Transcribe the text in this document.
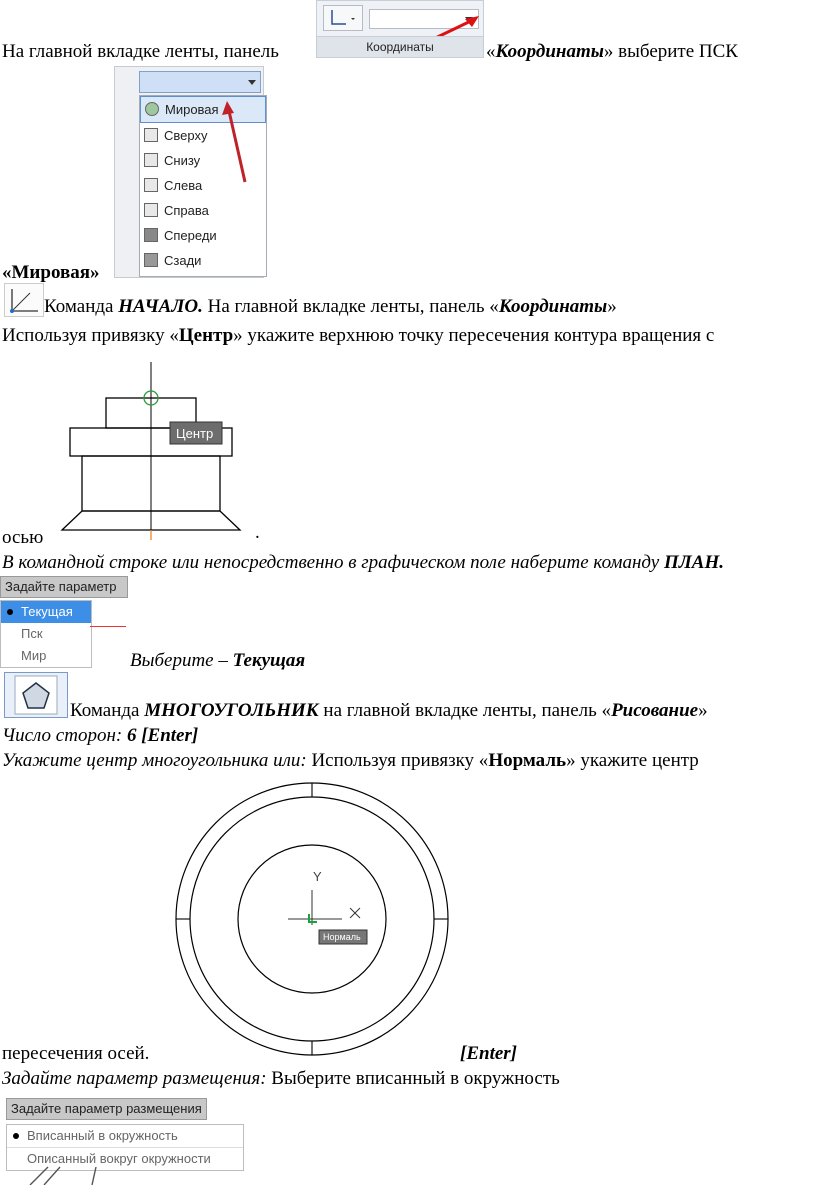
На главной вкладке ленты, панель	«Координаты» выберите ПСК
Координаты
Мировая
Сверху
Снизу
Слева
Справа
Спереди
Сзади
«Мировая»
Команда НАЧАЛО. На главной вкладке ленты, панель «Координаты»
Используя привязку «Центр» укажите верхнюю точку пересечения контура вращения с
Центр
осью	.
В командной строке или непосредственно в графическом поле наберите команду ПЛАН.
Задайте параметр
Текущая
Пск
Мир	Выберите – Текущая
Команда МНОГОУГОЛЬНИК на главной вкладке ленты, панель «Рисование»
Число сторон: 6 [Enter]
Укажите центр многоугольника или: Используя привязку «Нормаль» укажите центр
Y
Нормаль
пересечения осей.	[Enter]
Задайте параметр размещения: Выберите вписанный в окружность
Задайте параметр размещения
Вписанный в окружность
Описанный вокруг окружности
